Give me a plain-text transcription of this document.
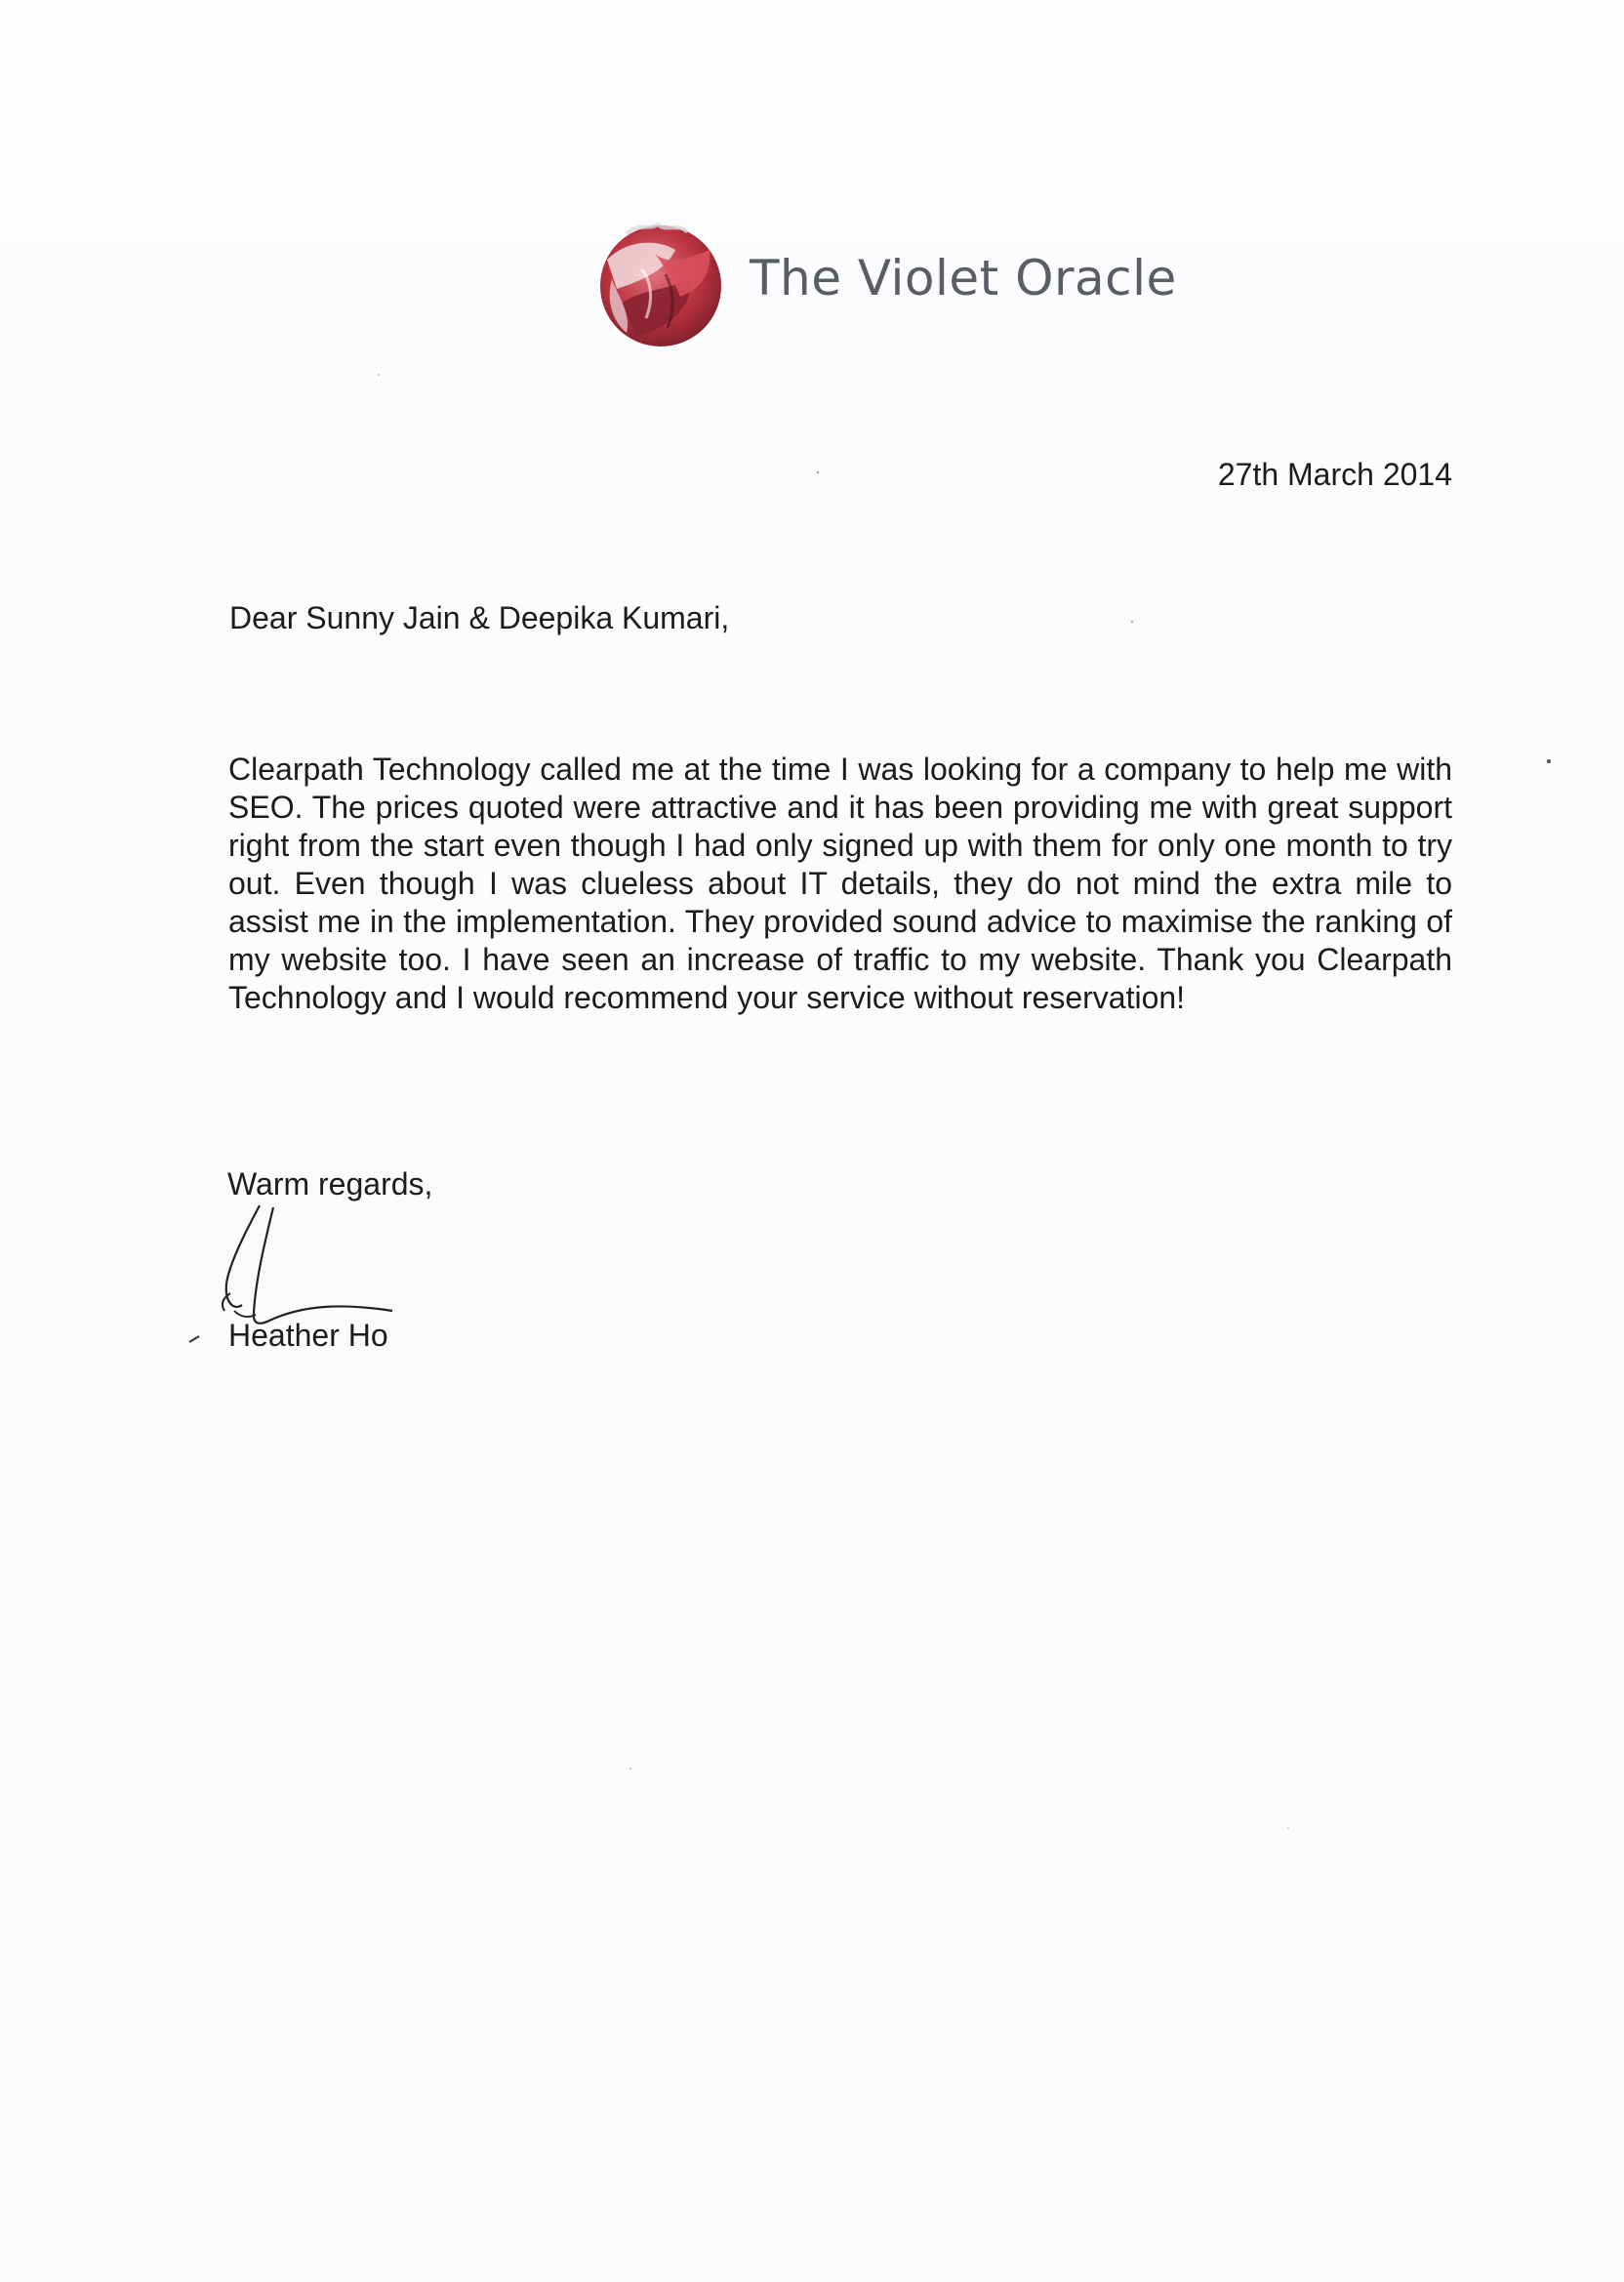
The Violet Oracle
27th March 2014
Dear Sunny Jain & Deepika Kumari,

Clearpath Technology called me at the time I was looking for a company to help me with SEO. The prices quoted were attractive and it has been providing me with great support right from the start even though I had only signed up with them for only one month to try out. Even though I was clueless about IT details, they do not mind the extra mile to assist me in the implementation. They provided sound advice to maximise the ranking of my website too. I have seen an increase of traffic to my website. Thank you Clearpath Technology and I would recommend your service without reservation!

Warm regards,
Heather Ho
